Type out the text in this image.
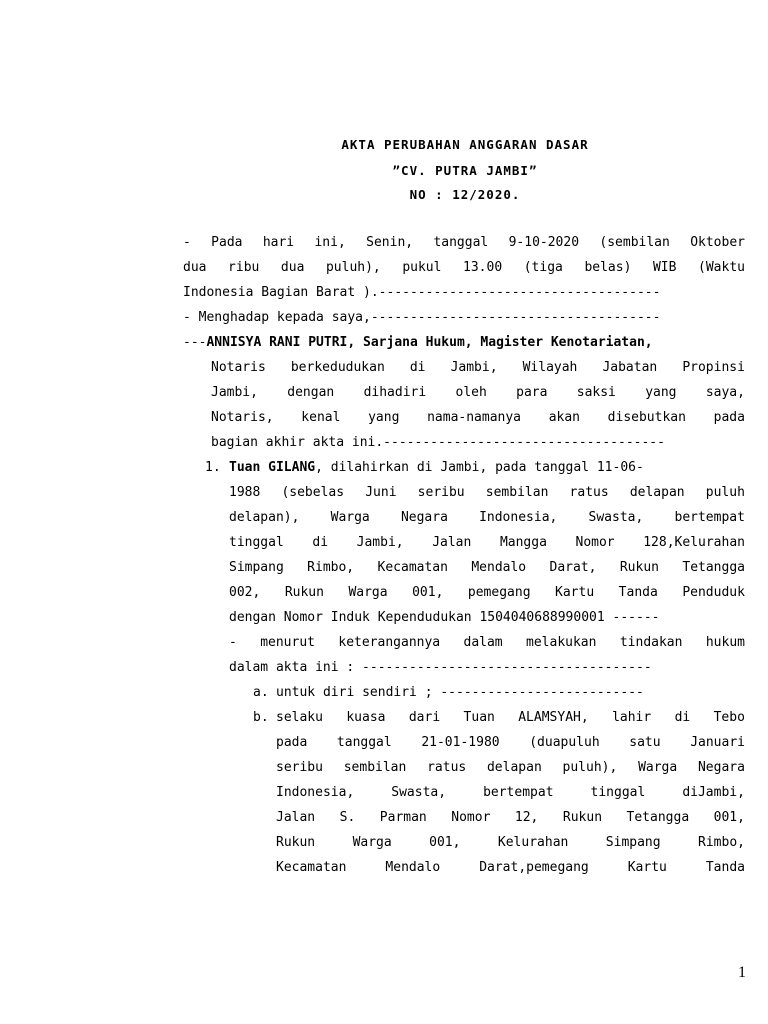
AKTA PERUBAHAN ANGGARAN DASAR
”CV. PUTRA JAMBI”
NO : 12/2020.
- Pada hari ini, Senin, tanggal 9-10-2020 (sembilan Oktober
dua ribu dua puluh), pukul 13.00 (tiga belas) WIB (Waktu
Indonesia Bagian Barat ).------------------------------------
- Menghadap kepada saya,-------------------------------------
---ANNISYA RANI PUTRI, Sarjana Hukum, Magister Kenotariatan,
Notaris berkedudukan di Jambi, Wilayah Jabatan Propinsi
Jambi, dengan dihadiri oleh para saksi yang saya,
Notaris, kenal yang nama-namanya akan disebutkan pada
bagian akhir akta ini.------------------------------------
1. Tuan GILANG, dilahirkan di Jambi, pada tanggal 11-06-
1988 (sebelas Juni seribu sembilan ratus delapan puluh
delapan), Warga Negara Indonesia, Swasta, bertempat
tinggal di Jambi, Jalan Mangga Nomor 128,Kelurahan
Simpang Rimbo, Kecamatan Mendalo Darat, Rukun Tetangga
002, Rukun Warga 001, pemegang Kartu Tanda Penduduk
dengan Nomor Induk Kependudukan 1504040688990001 ------
- menurut keterangannya dalam melakukan tindakan hukum
dalam akta ini : -------------------------------------
a. untuk diri sendiri ; --------------------------
b. selaku kuasa dari Tuan ALAMSYAH, lahir di Tebo
pada tanggal 21-01-1980 (duapuluh satu Januari
seribu sembilan ratus delapan puluh), Warga Negara
Indonesia,	Swasta,	bertempat	tinggal	diJambi,
Jalan S. Parman Nomor 12, Rukun Tetangga 001,
Rukun	Warga	001,	Kelurahan	Simpang	Rimbo,
Kecamatan	Mendalo	Darat,pemegang	Kartu	Tanda
1
